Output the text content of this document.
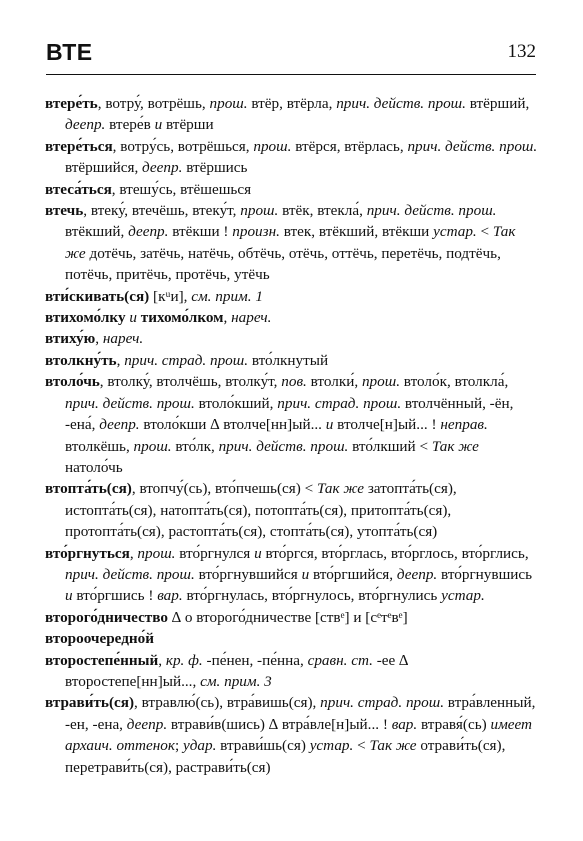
ВТЕ	132

втере́ть, вотру́, вотрёшь, прош. втёр, втёрла, прич. действ. прош. втёрший, деепр. втере́в и втёрши

втере́ться, вотру́сь, вотрёшься, прош. втёрся, втёрлась, прич. действ. прош. втёршийся, деепр. втёршись

втеса́ться, втешу́сь, втёшешься

втечь, втеку́, втечёшь, втеку́т, прош. втёк, втекла́, прич. действ. прош. втёкший, деепр. втёкши ! произн. втек, втёкший, втёкши устар. < Так же дотёчь, затёчь, натёчь, обтёчь, отёчь, оттёчь, перетёчь, подтёчь, потёчь, притёчь, протёчь, утёчь

вти́скивать(ся) [кᵘи], см. прим. 1

втихомо́лку и тихомо́лком, нареч.

втиху́ю, нареч.

втолкну́ть, прич. страд. прош. вто́лкнутый

втоло́чь, втолку́, втолчёшь, втолку́т, пов. втолки́, прош. втоло́к, втолкла́, прич. действ. прош. втоло́кший, прич. страд. прош. втолчённый, -ён, -ена́, деепр. втоло́кши ∆ втолче[нн]ый... и втолче[н]ый... ! неправ. втолкёшь, прош. вто́лк, прич. действ. прош. вто́лкший < Так же натоло́чь

втопта́ть(ся), втопчу́(сь), вто́пчешь(ся) < Так же затопта́ть(ся), истопта́ть(ся), натопта́ть(ся), потопта́ть(ся), притопта́ть(ся), протопта́ть(ся), растопта́ть(ся), стопта́ть(ся), утопта́ть(ся)

вто́ргнуться, прош. вто́ргнулся и вто́ргся, вто́рглась, вто́рглось, вто́рглись, прич. действ. прош. вто́ргнувшийся и вто́ргшийся, деепр. вто́ргнувшись и вто́ргшись ! вар. вто́ргнулась, вто́ргнулось, вто́ргнулись устар.

второго́дничество ∆ о второго́дничестве [ствᵉ] и [сᵉтᵉвᵉ]

второочередно́й

второстепе́нный, кр. ф. -пе́нен, -пе́нна, сравн. ст. -ее ∆ второстепе[нн]ый..., см. прим. 3

втрави́ть(ся), втравлю́(сь), втра́вишь(ся), прич. страд. прош. втра́вленный, -ен, -ена, деепр. втрави́в(шись) ∆ втра́вле[н]ый... ! вар. втравя́(сь) имеет архаич. оттенок; удар. втрави́шь(ся) устар. < Так же отрави́ть(ся), перетрави́ть(ся), растрави́ть(ся)
